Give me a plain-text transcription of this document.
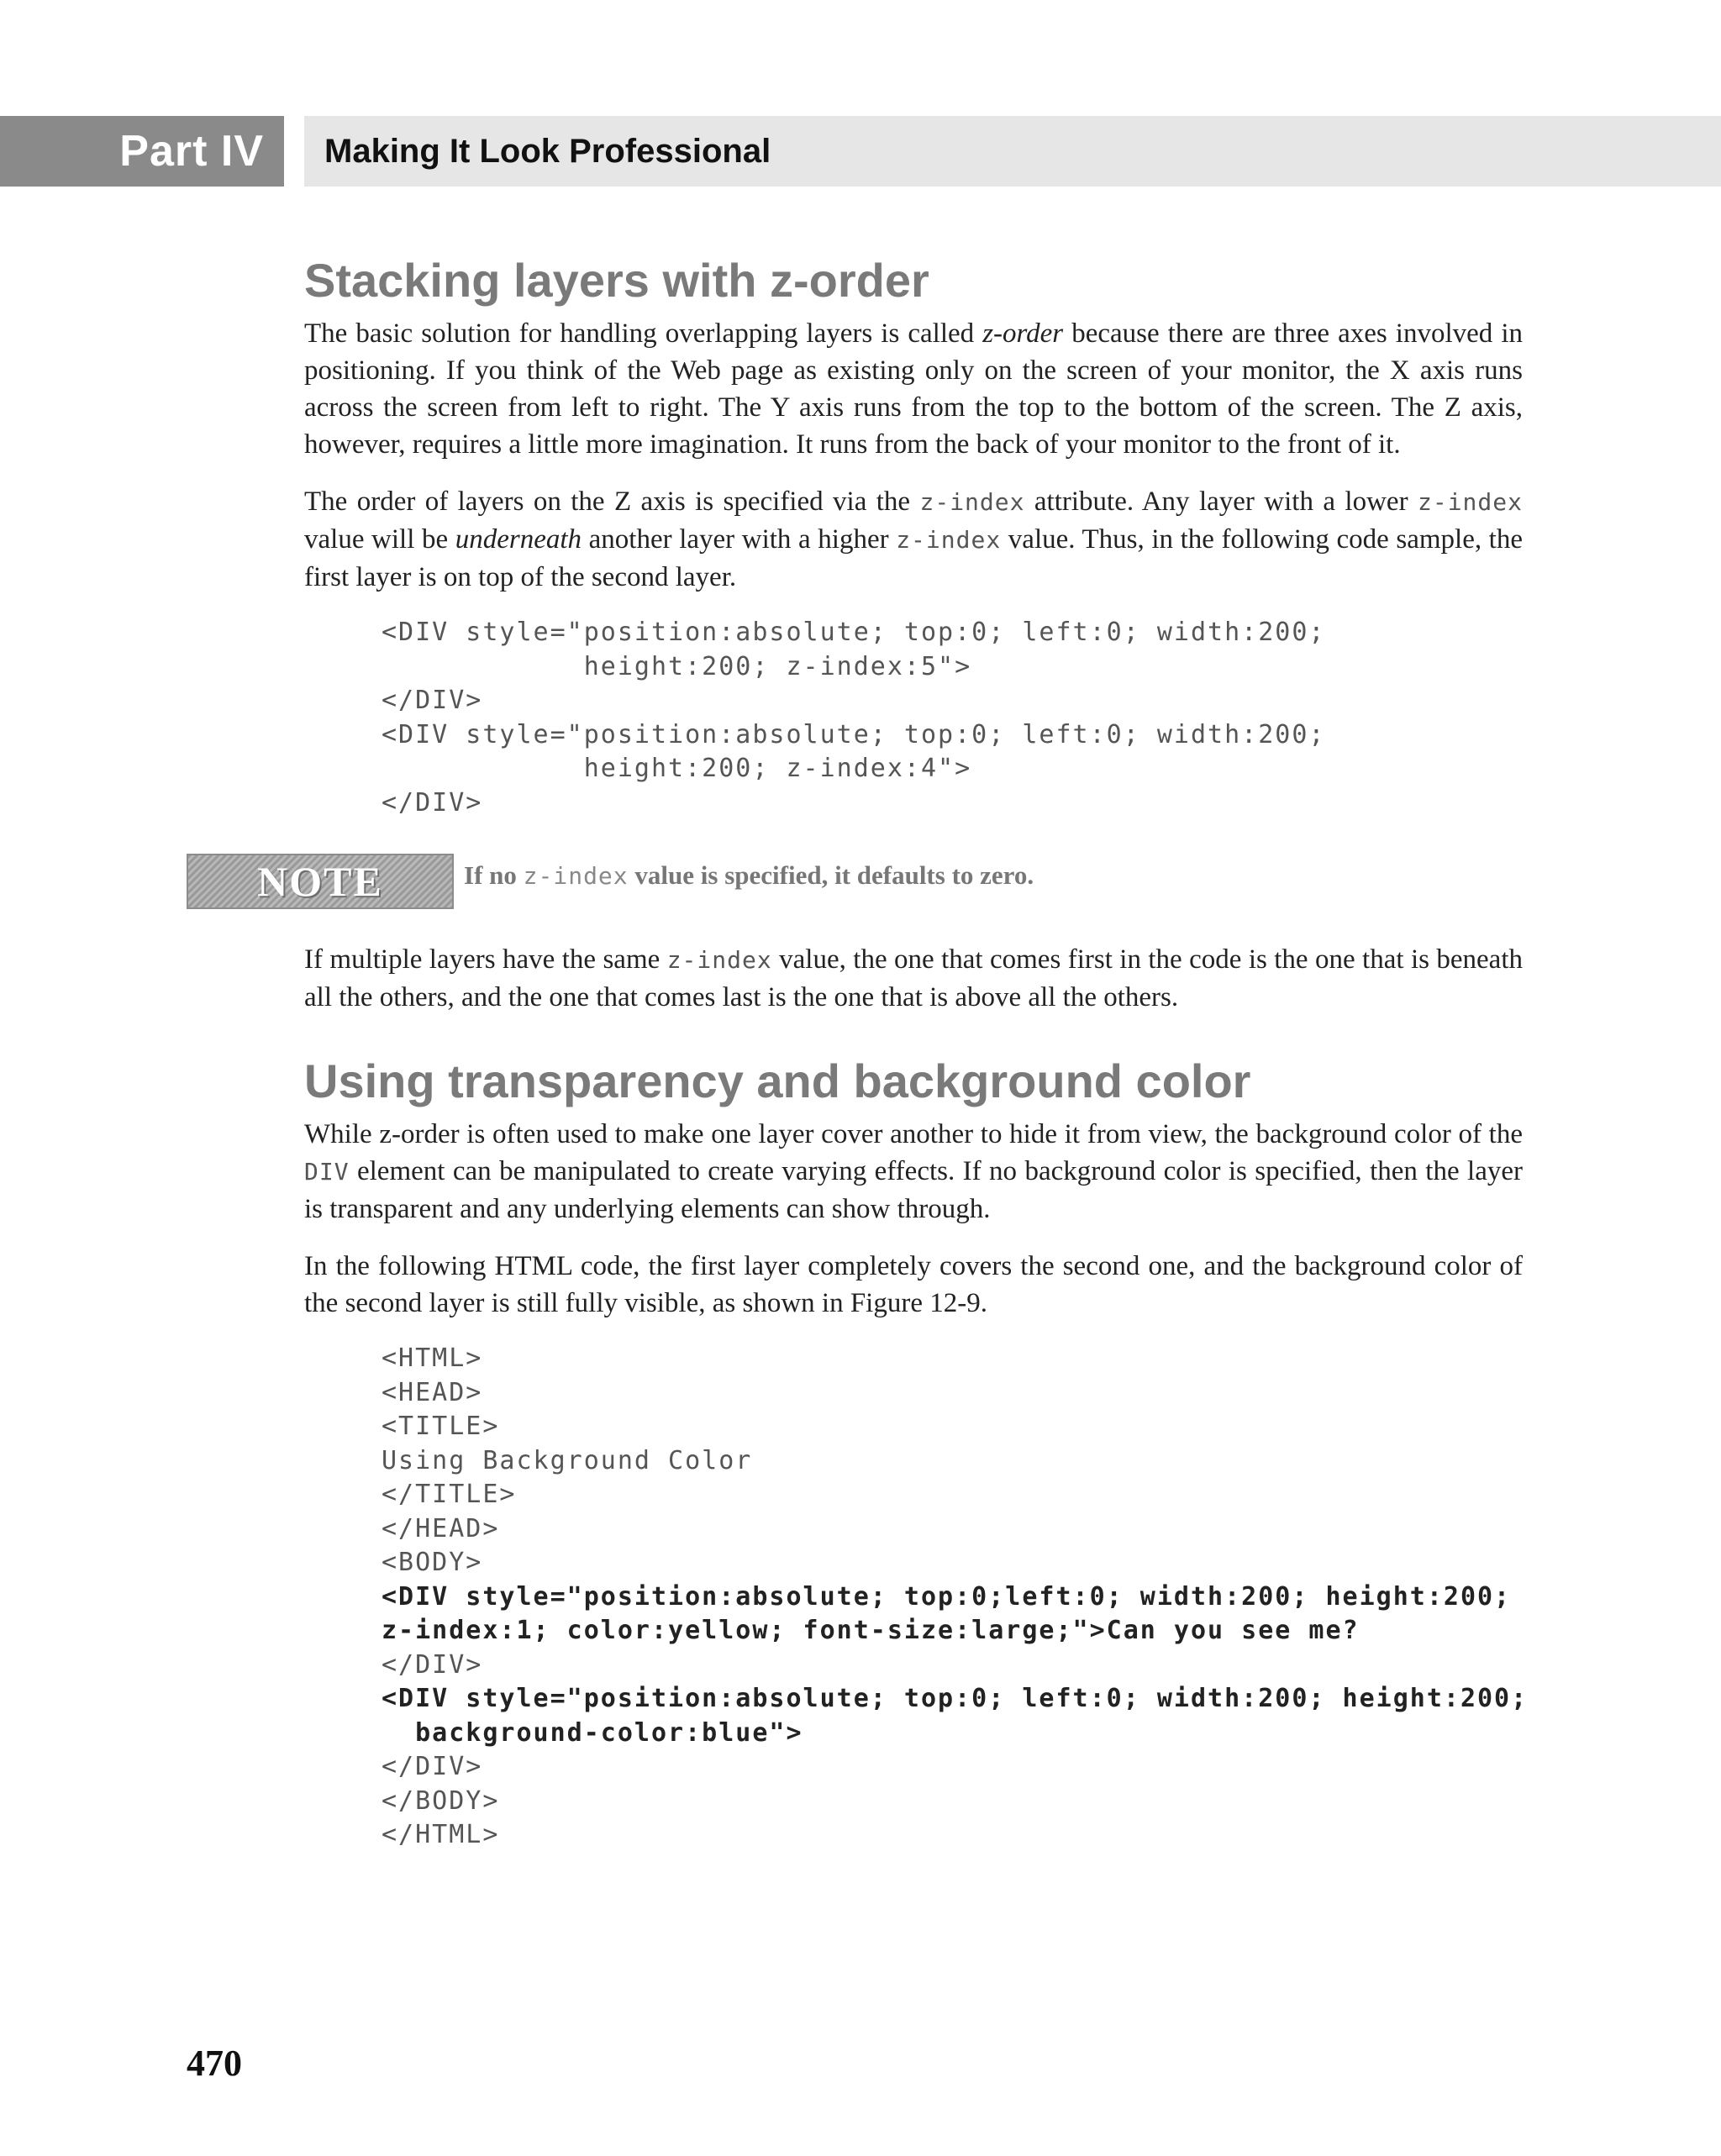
Part IV Making It Look Professional
Stacking layers with z-order

The basic solution for handling overlapping layers is called z-order because there are three axes involved in positioning. If you think of the Web page as existing only on the screen of your monitor, the X axis runs across the screen from left to right. The Y axis runs from the top to the bottom of the screen. The Z axis, however, requires a little more imagination. It runs from the back of your monitor to the front of it.

The order of layers on the Z axis is specified via the z-index attribute. Any layer with a lower z-index value will be underneath another layer with a higher z-index value. Thus, in the following code sample, the first layer is on top of the second layer.

<DIV style="position:absolute; top:0; left:0; width:200;
height:200; z-index:5">
</DIV>
<DIV style="position:absolute; top:0; left:0; width:200;
height:200; z-index:4">
</DIV>
NOTE	If no z-index value is specified, it defaults to zero.

If multiple layers have the same z-index value, the one that comes first in the code is the one that is beneath all the others, and the one that comes last is the one that is above all the others.

Using transparency and background color

While z-order is often used to make one layer cover another to hide it from view, the background color of the DIV element can be manipulated to create varying effects. If no background color is specified, then the layer is transparent and any underlying elements can show through.

In the following HTML code, the first layer completely covers the second one, and the background color of the second layer is still fully visible, as shown in Figure 12-9.

<HTML>
<HEAD>
<TITLE>
Using Background Color
</TITLE>
</HEAD>
<BODY>
<DIV style="position:absolute; top:0;left:0; width:200; height:200;
z-index:1; color:yellow; font-size:large;">Can you see me?
</DIV>
<DIV style="position:absolute; top:0; left:0; width:200; height:200;
background-color:blue">
</DIV>
</BODY>
</HTML>
470
